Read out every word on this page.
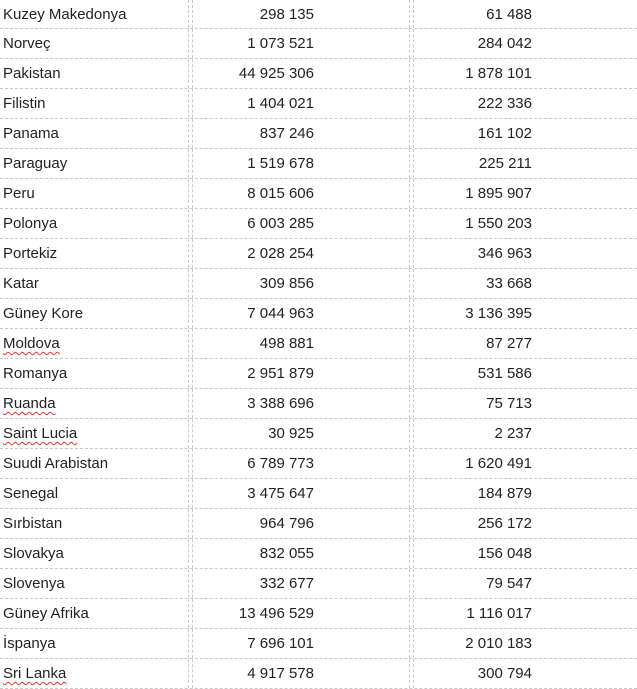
Kuzey Makedonya	298 135	61 488
Norveç	1 073 521	284 042
Pakistan	44 925 306	1 878 101
Filistin	1 404 021	222 336
Panama	837 246	161 102
Paraguay	1 519 678	225 211
Peru	8 015 606	1 895 907
Polonya	6 003 285	1 550 203
Portekiz	2 028 254	346 963
Katar	309 856	33 668
Güney Kore	7 044 963	3 136 395
Moldova	498 881	87 277
Romanya	2 951 879	531 586
Ruanda	3 388 696	75 713
Saint Lucia	30 925	2 237
Suudi Arabistan	6 789 773	1 620 491
Senegal	3 475 647	184 879
Sırbistan	964 796	256 172
Slovakya	832 055	156 048
Slovenya	332 677	79 547
Güney Afrika	13 496 529	1 116 017
İspanya	7 696 101	2 010 183
Sri Lanka	4 917 578	300 794
